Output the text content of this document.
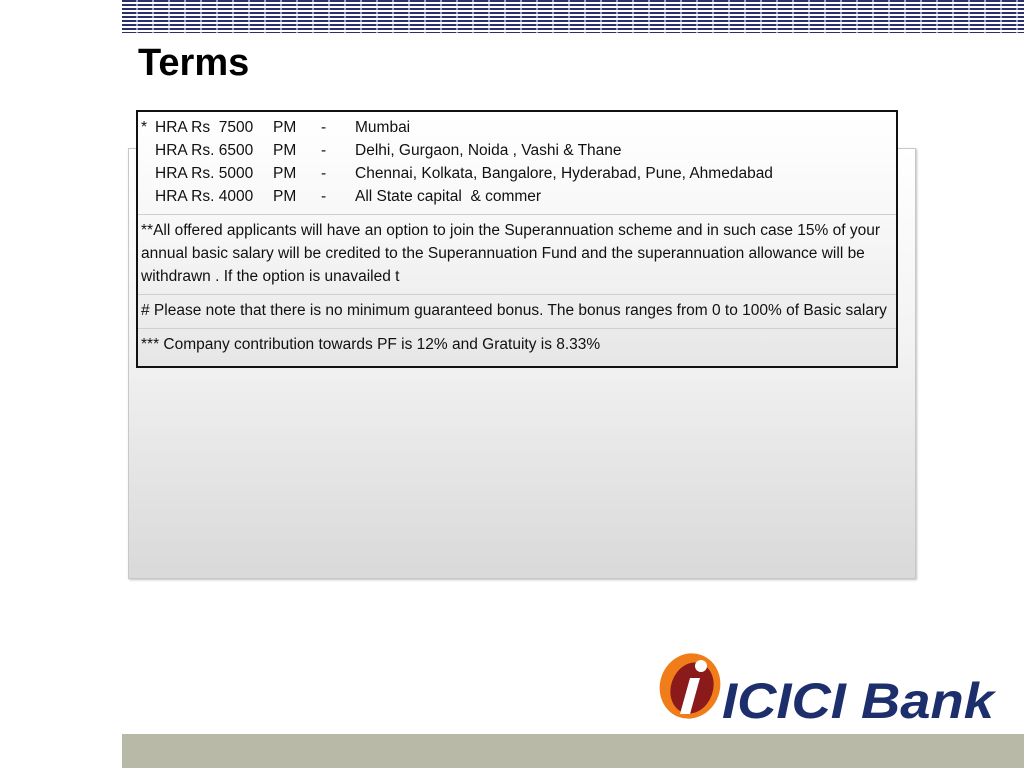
Terms
* HRA Rs  7500	PM	-	Mumbai
HRA Rs. 6500	PM	-	Delhi, Gurgaon, Noida , Vashi & Thane
HRA Rs. 5000	PM	-	Chennai, Kolkata, Bangalore, Hyderabad, Pune, Ahmedabad
HRA Rs. 4000	PM	-	All State capital  & commer
**All offered applicants will have an option to join the Superannuation scheme and in such case 15% of your annual basic salary will be credited to the Superannuation Fund and the superannuation allowance will be withdrawn . If the option is unavailed t
# Please note that there is no minimum guaranteed bonus. The bonus ranges from 0 to 100% of Basic salary
*** Company contribution towards PF is 12% and Gratuity is 8.33%
ICICI Bank
